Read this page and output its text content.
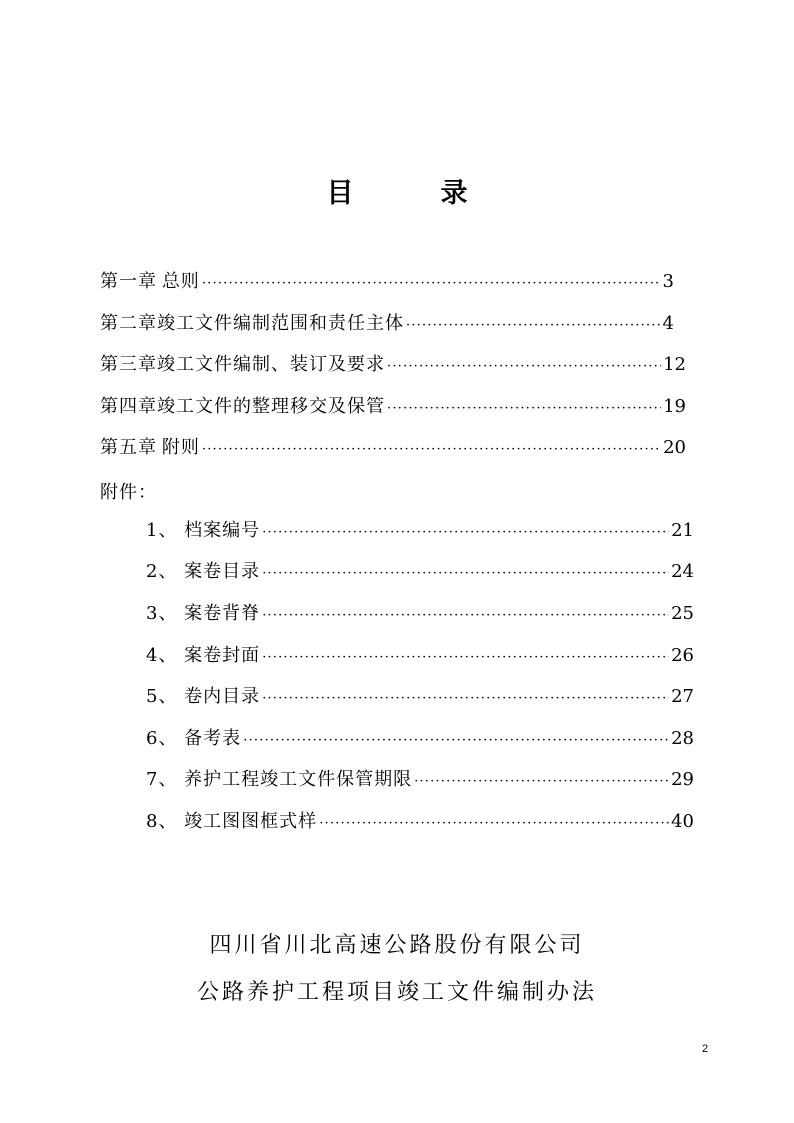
目　录
第一章 总则 ·····	3
第二章 竣工文件编制范围和责任主体 ·····	4
第三章 竣工文件编制、装订及要求 ·····	12
第四章 竣工文件的整理移交及保管 ·····	19
第五章 附则 ·····	20
附件：
1、 档案编号 ·····	21
2、 案卷目录 ·····	24
3、 案卷背脊 ·····	25
4、 案卷封面 ·····	26
5、 卷内目录 ·····	27
6、 备考表 ·····	28
7、 养护工程竣工文件保管期限 ·····	29
8、 竣工图图框式样 ·····	40
四川省川北高速公路股份有限公司
公路养护工程项目竣工文件编制办法
2
